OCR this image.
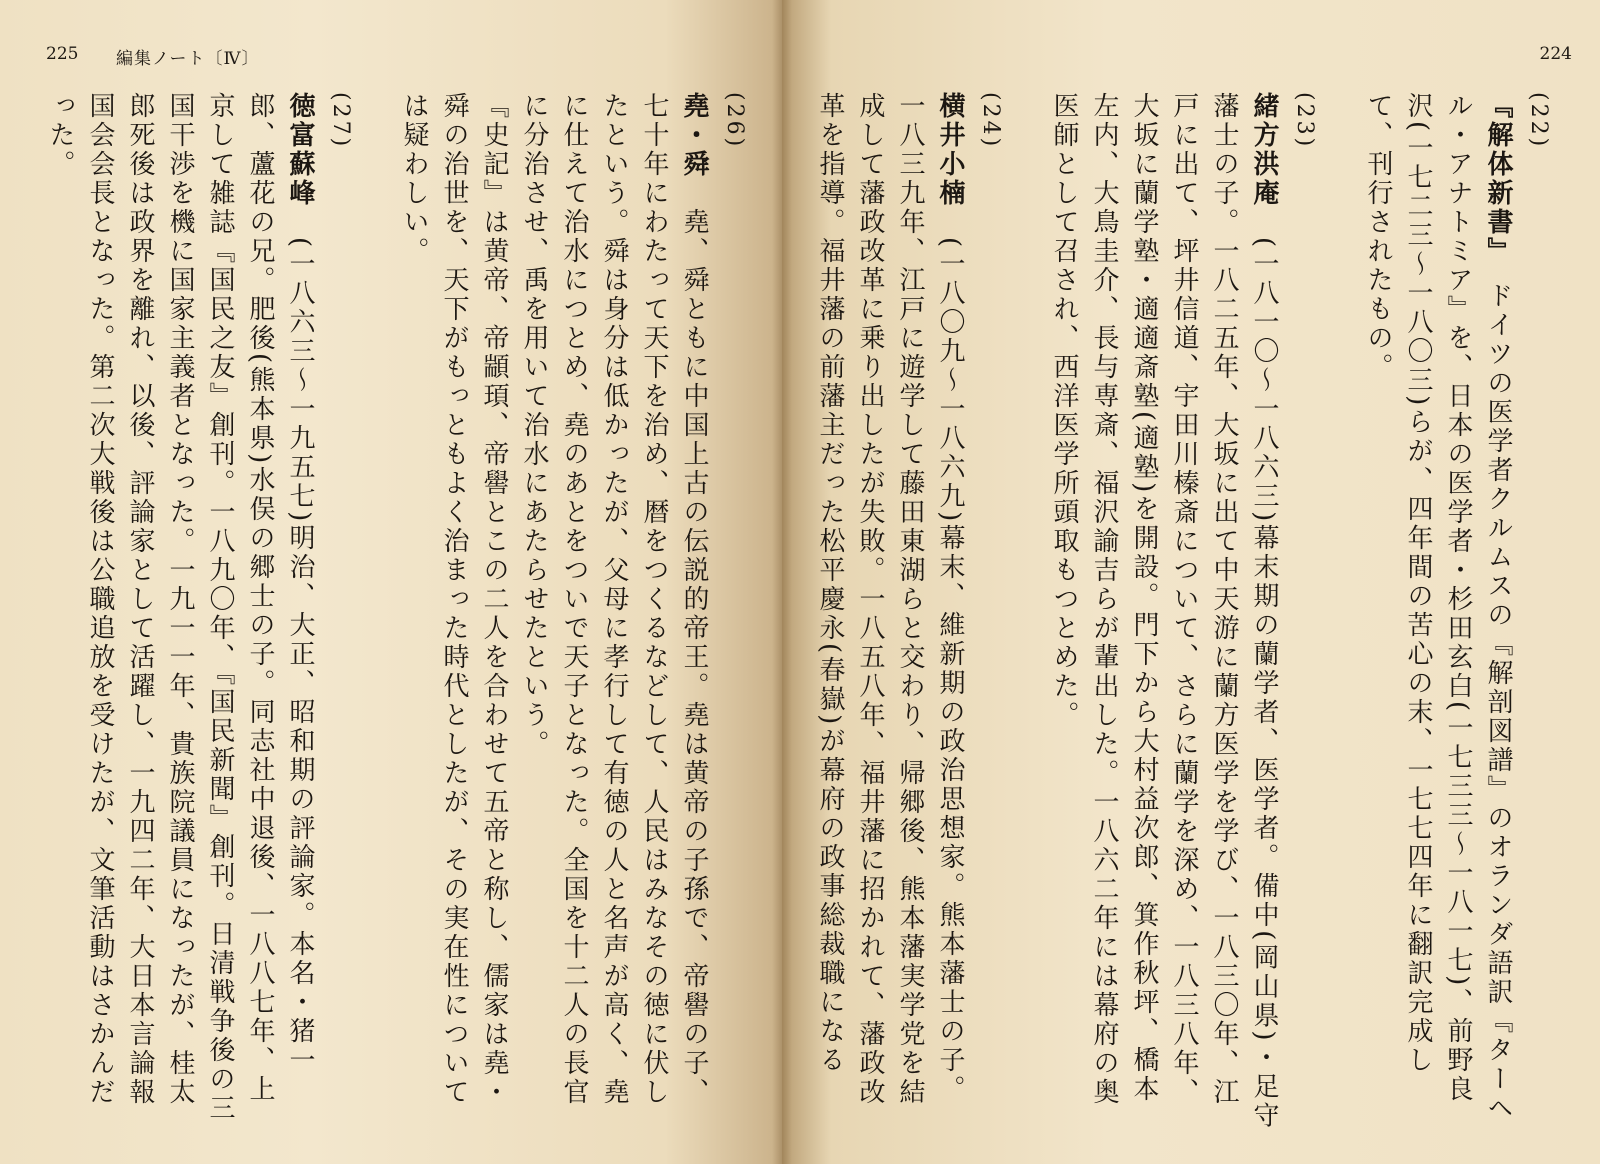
225 編集ノート〔Ⅳ〕
(26)
堯・舜　堯、舜ともに中国上古の伝説的帝王。堯は黄帝の子孫で、帝嚳の子、七十年にわたって天下を治め、暦をつくるなどして、人民はみなその徳に伏したという。舜は身分は低かったが、父母に孝行して有徳の人と名声が高く、堯に仕えて治水につとめ、堯のあとをついで天子となった。全国を十二人の長官に分治させ、禹を用いて治水にあたらせたという。
『史記』は黄帝、帝顓頊、帝嚳とこの二人を合わせて五帝と称し、儒家は堯・舜の治世を、天下がもっともよく治まった時代としたが、その実在性については疑わしい。
(27)
徳富蘇峰　(一八六三〜一九五七)明治、大正、昭和期の評論家。本名・猪一郎、蘆花の兄。肥後(熊本県)水俣の郷士の子。同志社中退後、一八八七年、上京して雑誌『国民之友』創刊。一八九〇年、『国民新聞』創刊。日清戦争後の三国干渉を機に国家主義者となった。一九一一年、貴族院議員になったが、桂太郎死後は政界を離れ、以後、評論家として活躍し、一九四二年、大日本言論報国会会長となった。第二次大戦後は公職追放を受けたが、文筆活動はさかんだった。

224
(22)
『解体新書』　ドイツの医学者クルムスの『解剖図譜』のオランダ語訳『ターヘル・アナトミア』を、日本の医学者・杉田玄白(一七三三〜一八一七)、前野良沢(一七二三〜一八〇三)らが、四年間の苦心の末、一七七四年に翻訳完成して、刊行されたもの。
(23)
緒方洪庵　(一八一〇〜一八六三)幕末期の蘭学者、医学者。備中(岡山県)・足守藩士の子。一八二五年、大坂に出て中天游に蘭方医学を学び、一八三〇年、江戸に出て、坪井信道、宇田川榛斎について、さらに蘭学を深め、一八三八年、大坂に蘭学塾・適適斎塾(適塾)を開設。門下から大村益次郎、箕作秋坪、橋本左内、大鳥圭介、長与専斎、福沢諭吉らが輩出した。一八六二年には幕府の奥医師として召され、西洋医学所頭取もつとめた。
(24)
横井小楠　(一八〇九〜一八六九)幕末、維新期の政治思想家。熊本藩士の子。一八三九年、江戸に遊学して藤田東湖らと交わり、帰郷後、熊本藩実学党を結成して藩政改革に乗り出したが失敗。一八五八年、福井藩に招かれて、藩政改革を指導。福井藩の前藩主だった松平慶永(春嶽)が幕府の政事総裁職になる
